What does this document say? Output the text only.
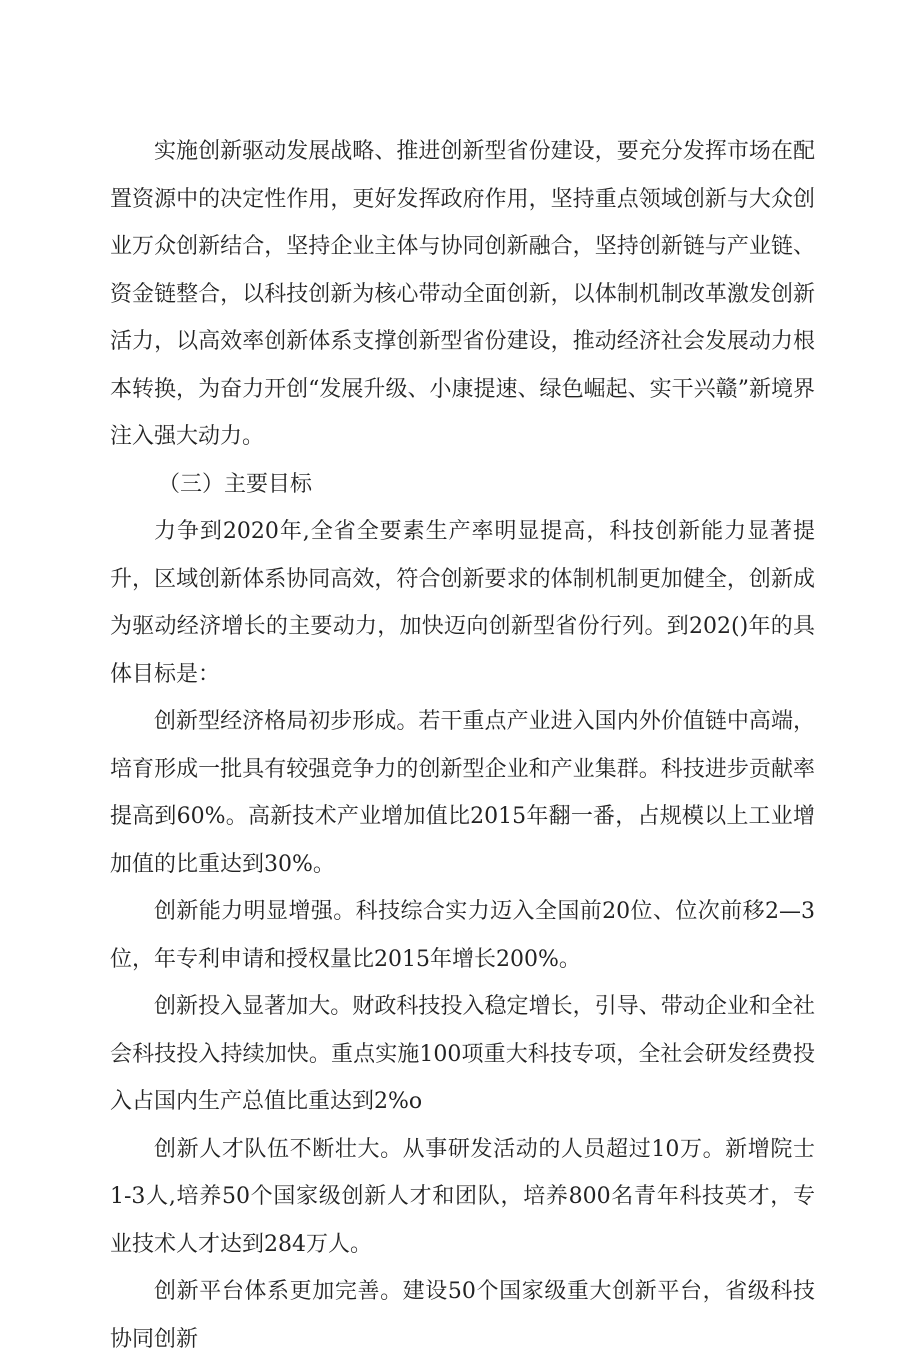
实施创新驱动发展战略、推进创新型省份建设，要充分发挥市场在配置资源中的决定性作用，更好发挥政府作用，坚持重点领域创新与大众创业万众创新结合，坚持企业主体与协同创新融合，坚持创新链与产业链、资金链整合，以科技创新为核心带动全面创新，以体制机制改革激发创新活力，以高效率创新体系支撑创新型省份建设，推动经济社会发展动力根本转换，为奋力开创“发展升级、小康提速、绿色崛起、实干兴赣”新境界注入强大动力。

（三）主要目标

力争到2020年,全省全要素生产率明显提高，科技创新能力显著提升，区域创新体系协同高效，符合创新要求的体制机制更加健全，创新成为驱动经济增长的主要动力，加快迈向创新型省份行列。到202()年的具体目标是：

创新型经济格局初步形成。若干重点产业进入国内外价值链中高端，培育形成一批具有较强竞争力的创新型企业和产业集群。科技进步贡献率提高到60%。高新技术产业增加值比2015年翻一番，占规模以上工业增加值的比重达到30%。

创新能力明显增强。科技综合实力迈入全国前20位、位次前移2—3位，年专利申请和授权量比2015年增长200%。

创新投入显著加大。财政科技投入稳定增长，引导、带动企业和全社会科技投入持续加快。重点实施100项重大科技专项，全社会研发经费投入占国内生产总值比重达到2%o

创新人才队伍不断壮大。从事研发活动的人员超过10万。新增院士1-3人,培养50个国家级创新人才和团队，培养800名青年科技英才，专业技术人才达到284万人。

创新平台体系更加完善。建设50个国家级重大创新平台，省级科技协同创新
